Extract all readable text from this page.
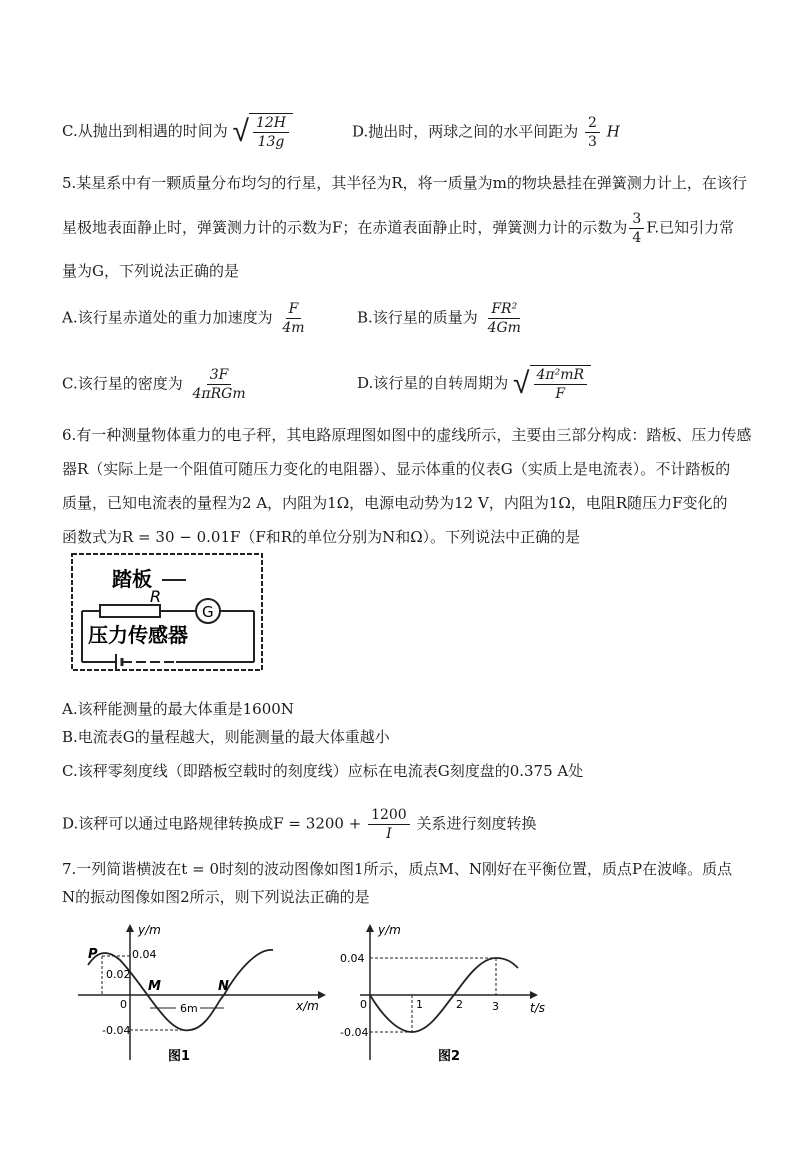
C.从抛出到相遇的时间为 √ $\frac{12H}{13g}$	D.抛出时，两球之间的水平间距为 $\frac{2}{3}$ H
5.某星系中有一颗质量分布均匀的行星，其半径为R，将一质量为m的物块悬挂在弹簧测力计上，在该行
星极地表面静止时，弹簧测力计的示数为F；在赤道表面静止时，弹簧测力计的示数为 $\frac{3}{4} F$.已知引力常
量为G，下列说法正确的是
A.该行星赤道处的重力加速度为 $\frac{F}{4m}$	B.该行星的质量为 $\frac{\text{FR²}}{4Gm}$
C.该行星的密度为 $\frac{3F}{\text{4πRGm}}$	D.该行星的自转周期为 √ $\frac{\text{4π²mR}}{F}$
6.有一种测量物体重力的电子秤，其电路原理图如图中的虚线所示，主要由三部分构成：踏板、压力传感
器R（实际上是一个阻值可随压力变化的电阻器）、显示体重的仪表G（实质上是电流表）。不计踏板的
质量，已知电流表的量程为2 A，内阻为1Ω，电源电动势为12 V，内阻为1Ω，电阻R随压力F变化的
函数式为R = 30 − 0.01F（F和R的单位分别为N和Ω）。下列说法中正确的是
踏板
R
G
压力传感器
A.该秤能测量的最大体重是1600N
B.电流表G的量程越大，则能测量的最大体重越小
C.该秤零刻度线（即踏板空载时的刻度线）应标在电流表G刻度盘的0.375 A处
D.该秤可以通过电路规律转换成$F = 3200 + \frac{1200}{I}$ 关系进行刻度转换
7.一列简谐横波在t = 0时刻的波动图像如图1所示，质点M、N刚好在平衡位置，质点P在波峰。质点
N的振动图像如图2所示，则下列说法正确的是
y/m
x/m
P	0.04
0.02
-0.04
0
M	N
6m
图1
y/m
t/s
0.04
-0.04
0	1	2	3
图2
